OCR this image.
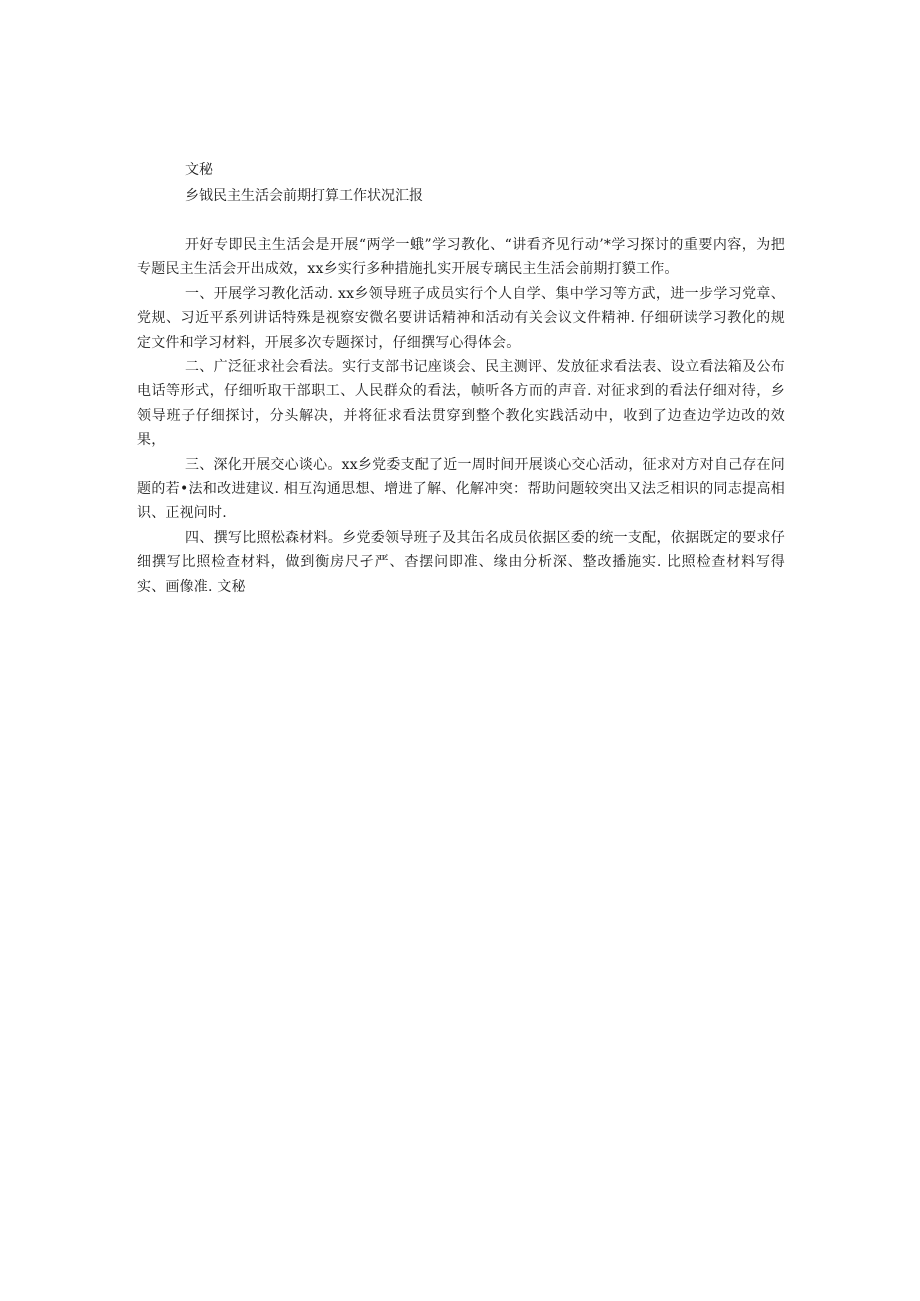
文秘
乡钺民主生活会前期打算工作状况汇报

开好专即民主生活会是开展“两学一蛾”学习教化、“讲看齐见行动’*学习探讨的重要内容，为把专题民主生活会开出成效，xx乡实行多种措施扎实开展专璃民主生活会前期打貘工作。

一、开展学习教化活动. xx乡领导班子成员实行个人自学、集中学习等方武，进一步学习党章、党规、习近平系列讲话特殊是视察安微名要讲话精神和活动有关会议文件精神. 仔细研读学习教化的规定文件和学习材料，开展多次专题探讨，仔细撰写心得体会。

二、广泛征求社会看法。实行支部书记座谈会、民主测评、发放征求看法表、设立看法箱及公布电话等形式，仔细听取干部职工、人民群众的看法，帧听各方而的声音. 对征求到的看法仔细对待，乡领导班子仔细探讨，分头解决，并将征求看法贯穿到整个教化实践活动中，收到了边查边学边改的效果，

三、深化开展交心谈心。xx乡党委支配了近一周时间开展谈心交心活动，征求对方对自己存在问题的若•法和改进建议. 相互沟通思想、增进了解、化解冲突：帮助问题较突出又法乏相识的同志提高相识、正视问时.

四、撰写比照松森材料。乡党委领导班子及其缶名成员依据区委的统一支配，依据既定的要求仔细撰写比照检查材料，做到衡房尺孑严、杳摆问即准、缘由分析深、整改播施实. 比照检查材料写得实、画像准. 文秘
